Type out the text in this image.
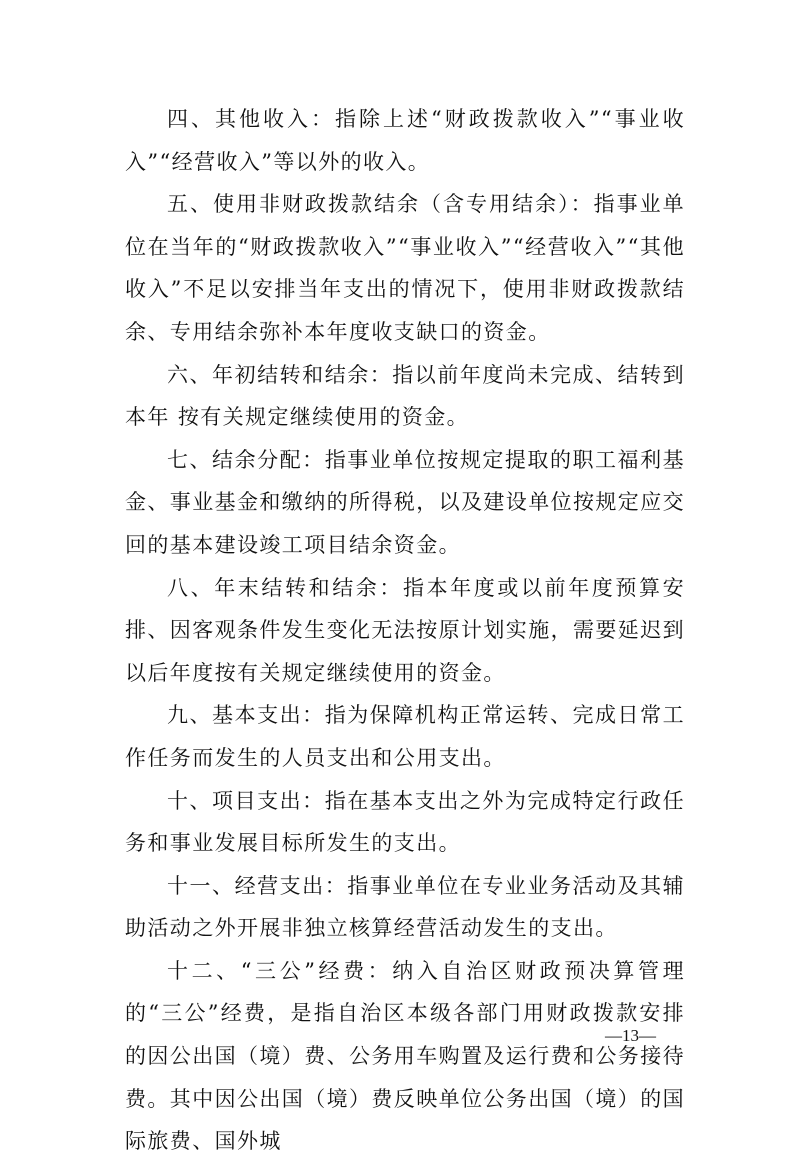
四、其他收入：指除上述“财政拨款收入”“事业收入”“经营收入”等以外的收入。

五、使用非财政拨款结余（含专用结余）：指事业单位在当年的“财政拨款收入”“事业收入”“经营收入”“其他收入”不足以安排当年支出的情况下，使用非财政拨款结余、专用结余弥补本年度收支缺口的资金。

六、年初结转和结余：指以前年度尚未完成、结转到本年 按有关规定继续使用的资金。

七、结余分配：指事业单位按规定提取的职工福利基金、事业基金和缴纳的所得税，以及建设单位按规定应交回的基本建设竣工项目结余资金。

八、年末结转和结余：指本年度或以前年度预算安排、因客观条件发生变化无法按原计划实施，需要延迟到以后年度按有关规定继续使用的资金。

九、基本支出：指为保障机构正常运转、完成日常工作任务而发生的人员支出和公用支出。

十、项目支出：指在基本支出之外为完成特定行政任务和事业发展目标所发生的支出。

十一、经营支出：指事业单位在专业业务活动及其辅助活动之外开展非独立核算经营活动发生的支出。

十二、“三公”经费：纳入自治区财政预决算管理的“三公”经费，是指自治区本级各部门用财政拨款安排的因公出国（境）费、公务用车购置及运行费和公务接待费。其中因公出国（境）费反映单位公务出国（境）的国际旅费、国外城

—13—
